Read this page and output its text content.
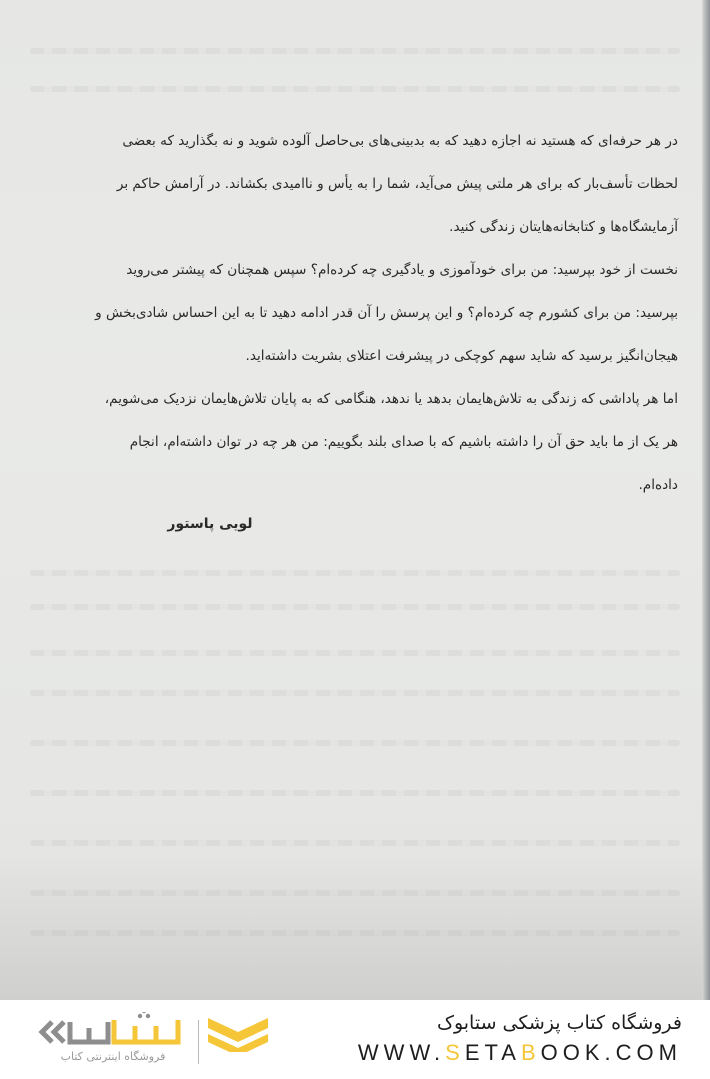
در هر حرفه‌ای که هستید نه اجازه دهید که به بدبینی‌های بی‌حاصل آلوده شوید و نه بگذارید که بعضی
لحظات تأسف‌بار که برای هر ملتی پیش می‌آید، شما را به یأس و ناامیدی بکشاند. در آرامش حاکم بر
آزمایشگاه‌ها و کتابخانه‌هایتان زندگی کنید.

نخست از خود بپرسید: من برای خودآموزی و یادگیری چه کرده‌ام؟ سپس همچنان که پیشتر می‌روید
بپرسید: من برای کشورم چه کرده‌ام؟ و این پرسش را آن قدر ادامه دهید تا به این احساس شادی‌بخش و
هیجان‌انگیز برسید که شاید سهم کوچکی در پیشرفت اعتلای بشریت داشته‌اید.

اما هر پاداشی که زندگی به تلاش‌هایمان بدهد یا ندهد، هنگامی که به پایان تلاش‌هایمان نزدیک می‌شویم،
هر یک از ما باید حق آن را داشته باشیم که با صدای بلند بگوییم: من هر چه در توان داشته‌ام، انجام
داده‌ام.

لویی پاستور
فروشگاه اینترنتی کتاب
فروشگاه کتاب پزشکی ستابوک
WWW.SETABOOK.COM
